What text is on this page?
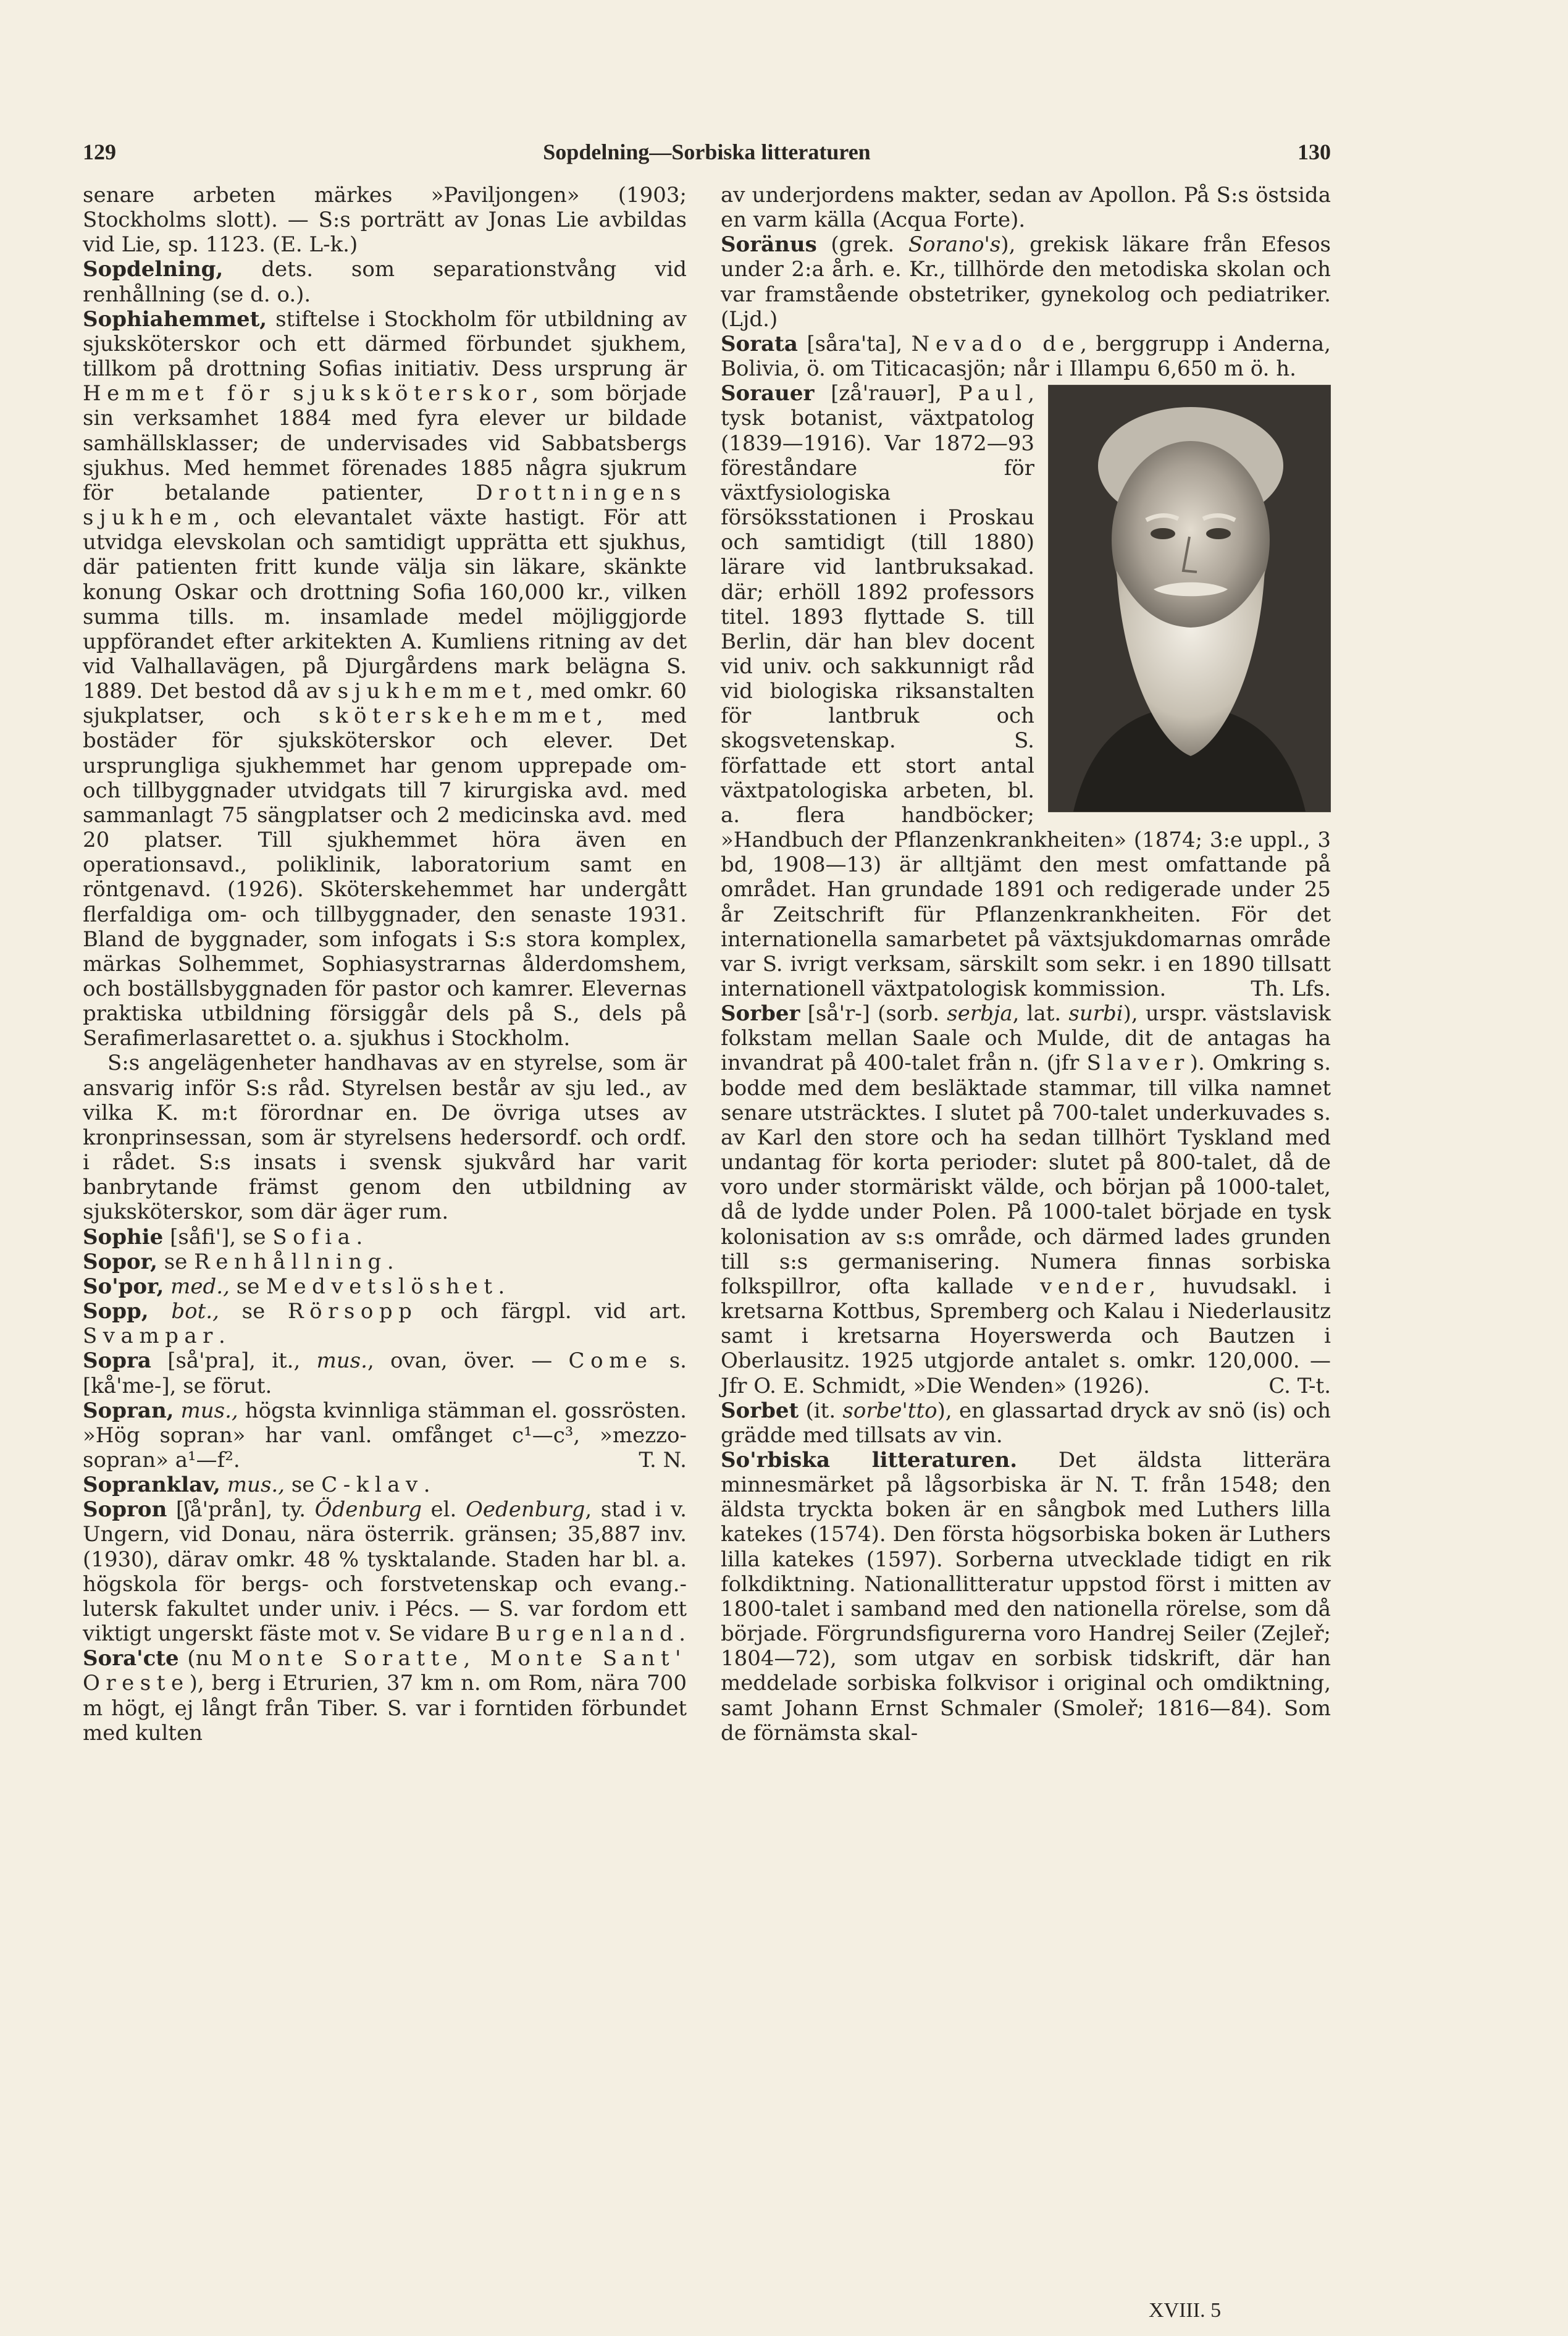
129	Sopdelning—Sorbiska litteraturen	130

senare arbeten märkes »Paviljongen» (1903; Stockholms slott). — S:s porträtt av Jonas Lie avbildas vid Lie, sp. 1123. (E. L-k.)

Sopdelning, dets. som separationstvång vid renhållning (se d. o.).

Sophiahemmet, stiftelse i Stockholm för utbildning av sjuksköterskor och ett därmed förbundet sjukhem, tillkom på drottning Sofias initiativ. Dess ursprung är Hemmet för sjuksköterskor, som började sin verksamhet 1884 med fyra elever ur bildade samhällsklasser; de undervisades vid Sabbatsbergs sjukhus. Med hemmet förenades 1885 några sjukrum för betalande patienter, Drottningens sjukhem, och elevantalet växte hastigt. För att utvidga elevskolan och samtidigt upprätta ett sjukhus, där patienten fritt kunde välja sin läkare, skänkte konung Oskar och drottning Sofia 160,000 kr., vilken summa tills. m. insamlade medel möjliggjorde uppförandet efter arkitekten A. Kumliens ritning av det vid Valhallavägen, på Djurgårdens mark belägna S. 1889. Det bestod då av sjukhemmet, med omkr. 60 sjukplatser, och sköterskehemmet, med bostäder för sjuksköterskor och elever. Det ursprungliga sjukhemmet har genom upprepade om- och tillbyggnader utvidgats till 7 kirurgiska avd. med sammanlagt 75 sängplatser och 2 medicinska avd. med 20 platser. Till sjukhemmet höra även en operationsavd., poliklinik, laboratorium samt en röntgenavd. (1926). Sköterskehemmet har undergått flerfaldiga om- och tillbyggnader, den senaste 1931. Bland de byggnader, som infogats i S:s stora komplex, märkas Solhemmet, Sophiasystrarnas ålderdomshem, och boställsbyggnaden för pastor och kamrer. Elevernas praktiska utbildning försiggår dels på S., dels på Serafimerlasarettet o. a. sjukhus i Stockholm.

S:s angelägenheter handhavas av en styrelse, som är ansvarig inför S:s råd. Styrelsen består av sju led., av vilka K. m:t förordnar en. De övriga utses av kronprinsessan, som är styrelsens hedersordf. och ordf. i rådet. S:s insats i svensk sjukvård har varit banbrytande främst genom den utbildning av sjuksköterskor, som där äger rum.

Sophie [såfi'], se Sofia.

Sopor, se Renhållning.

So'por, med., se Medvetslöshet.

Sopp, bot., se Rörsopp och färgpl. vid art. Svampar.

Sopra [så'pra], it., mus., ovan, över. — Come s. [kå'me-], se förut.

Sopran, mus., högsta kvinnliga stämman el. gossrösten. »Hög sopran» har vanl. omfånget c¹—c³, »mezzo-sopran» a¹—f².	T. N.

Sopranklav, mus., se C-klav.

Sopron [ʃå'prån], ty. Ödenburg el. Oedenburg, stad i v. Ungern, vid Donau, nära österrik. gränsen; 35,887 inv. (1930), därav omkr. 48 % tysktalande. Staden har bl. a. högskola för bergs- och forstvetenskap och evang.-lutersk fakultet under univ. i Pécs. — S. var fordom ett viktigt ungerskt fäste mot v. Se vidare Burgenland.

Sora'cte (nu Monte Soratte, Monte Sant' Oreste), berg i Etrurien, 37 km n. om Rom, nära 700 m högt, ej långt från Tiber. S. var i forntiden förbundet med kulten

av underjordens makter, sedan av Apollon. På S:s östsida en varm källa (Acqua Forte).

Soränus (grek. Sorano's), grekisk läkare från Efesos under 2:a årh. e. Kr., tillhörde den metodiska skolan och var framstående obstetriker, gynekolog och pediatriker. (Ljd.)

Sorata [såra'ta], Nevado de, berggrupp i Anderna, Bolivia, ö. om Titicacasjön; når i Illampu 6,650 m ö. h.

Sorauer [zå'rauər], Paul, tysk botanist, växtpatolog (1839—1916). Var 1872—93 föreståndare för växtfysiologiska försöksstationen i Proskau och samtidigt (till 1880) lärare vid lantbruksakad. där; erhöll 1892 professors titel. 1893 flyttade S. till Berlin, där han blev docent vid univ. och sakkunnigt råd vid biologiska riksanstalten för lantbruk och skogsvetenskap. S. författade ett stort antal växtpatologiska arbeten, bl. a. flera handböcker; »Handbuch der Pflanzenkrankheiten» (1874; 3:e uppl., 3 bd, 1908—13) är alltjämt den mest omfattande på området. Han grundade 1891 och redigerade under 25 år Zeitschrift für Pflanzenkrankheiten. För det internationella samarbetet på växtsjukdomarnas område var S. ivrigt verksam, särskilt som sekr. i en 1890 tillsatt internationell växtpatologisk kommission.	Th. Lfs.

Sorber [så'r-] (sorb. serbja, lat. surbi), urspr. västslavisk folkstam mellan Saale och Mulde, dit de antagas ha invandrat på 400-talet från n. (jfr Slaver). Omkring s. bodde med dem besläktade stammar, till vilka namnet senare utsträcktes. I slutet på 700-talet underkuvades s. av Karl den store och ha sedan tillhört Tyskland med undantag för korta perioder: slutet på 800-talet, då de voro under stormäriskt välde, och början på 1000-talet, då de lydde under Polen. På 1000-talet började en tysk kolonisation av s:s område, och därmed lades grunden till s:s germanisering. Numera finnas sorbiska folkspillror, ofta kallade vender, huvudsakl. i kretsarna Kottbus, Spremberg och Kalau i Niederlausitz samt i kretsarna Hoyerswerda och Bautzen i Oberlausitz. 1925 utgjorde antalet s. omkr. 120,000. — Jfr O. E. Schmidt, »Die Wenden» (1926).	C. T-t.

Sorbet (it. sorbe'tto), en glassartad dryck av snö (is) och grädde med tillsats av vin.

So'rbiska litteraturen. Det äldsta litterära minnesmärket på lågsorbiska är N. T. från 1548; den äldsta tryckta boken är en sångbok med Luthers lilla katekes (1574). Den första högsorbiska boken är Luthers lilla katekes (1597). Sorberna utvecklade tidigt en rik folkdiktning. Nationallitteratur uppstod först i mitten av 1800-talet i samband med den nationella rörelse, som då började. Förgrundsfigurerna voro Handrej Seiler (Zejleř; 1804—72), som utgav en sorbisk tidskrift, där han meddelade sorbiska folkvisor i original och omdiktning, samt Johann Ernst Schmaler (Smoleř; 1816—84). Som de förnämsta skal-

XVIII. 5
